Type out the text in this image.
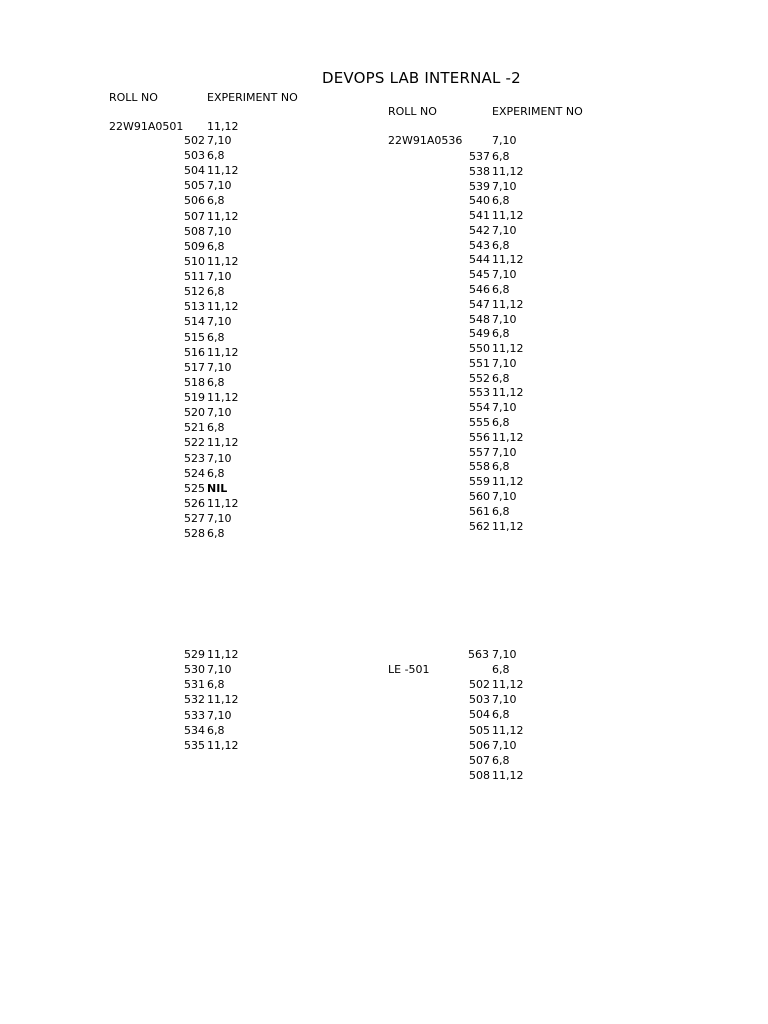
DEVOPS LAB INTERNAL -2
ROLL NO	EXPERIMENT NO
22W91A0501 11,12
502 7,10
503 6,8
504 11,12
505 7,10
506 6,8
507 11,12
508 7,10
509 6,8
510 11,12
511 7,10
512 6,8
513 11,12
514 7,10
515 6,8
516 11,12
517 7,10
518 6,8
519 11,12
520 7,10
521 6,8
522 11,12
523 7,10
524 6,8
525 NIL
526 11,12
527 7,10
528 6,8
529 11,12
530 7,10
531 6,8
532 11,12
533 7,10
534 6,8
535 11,12
ROLL NO	EXPERIMENT NO
22W91A0536	7,10
537 6,8
538 11,12
539 7,10
540 6,8
541 11,12
542 7,10
543 6,8
544 11,12
545 7,10
546 6,8
547 11,12
548 7,10
549 6,8
550 11,12
551 7,10
552 6,8
553 11,12
554 7,10
555 6,8
556 11,12
557 7,10
558 6,8
559 11,12
560 7,10
561 6,8
562 11,12
563 7,10
LE -501	6,8
502 11,12
503 7,10
504 6,8
505 11,12
506 7,10
507 6,8
508 11,12
